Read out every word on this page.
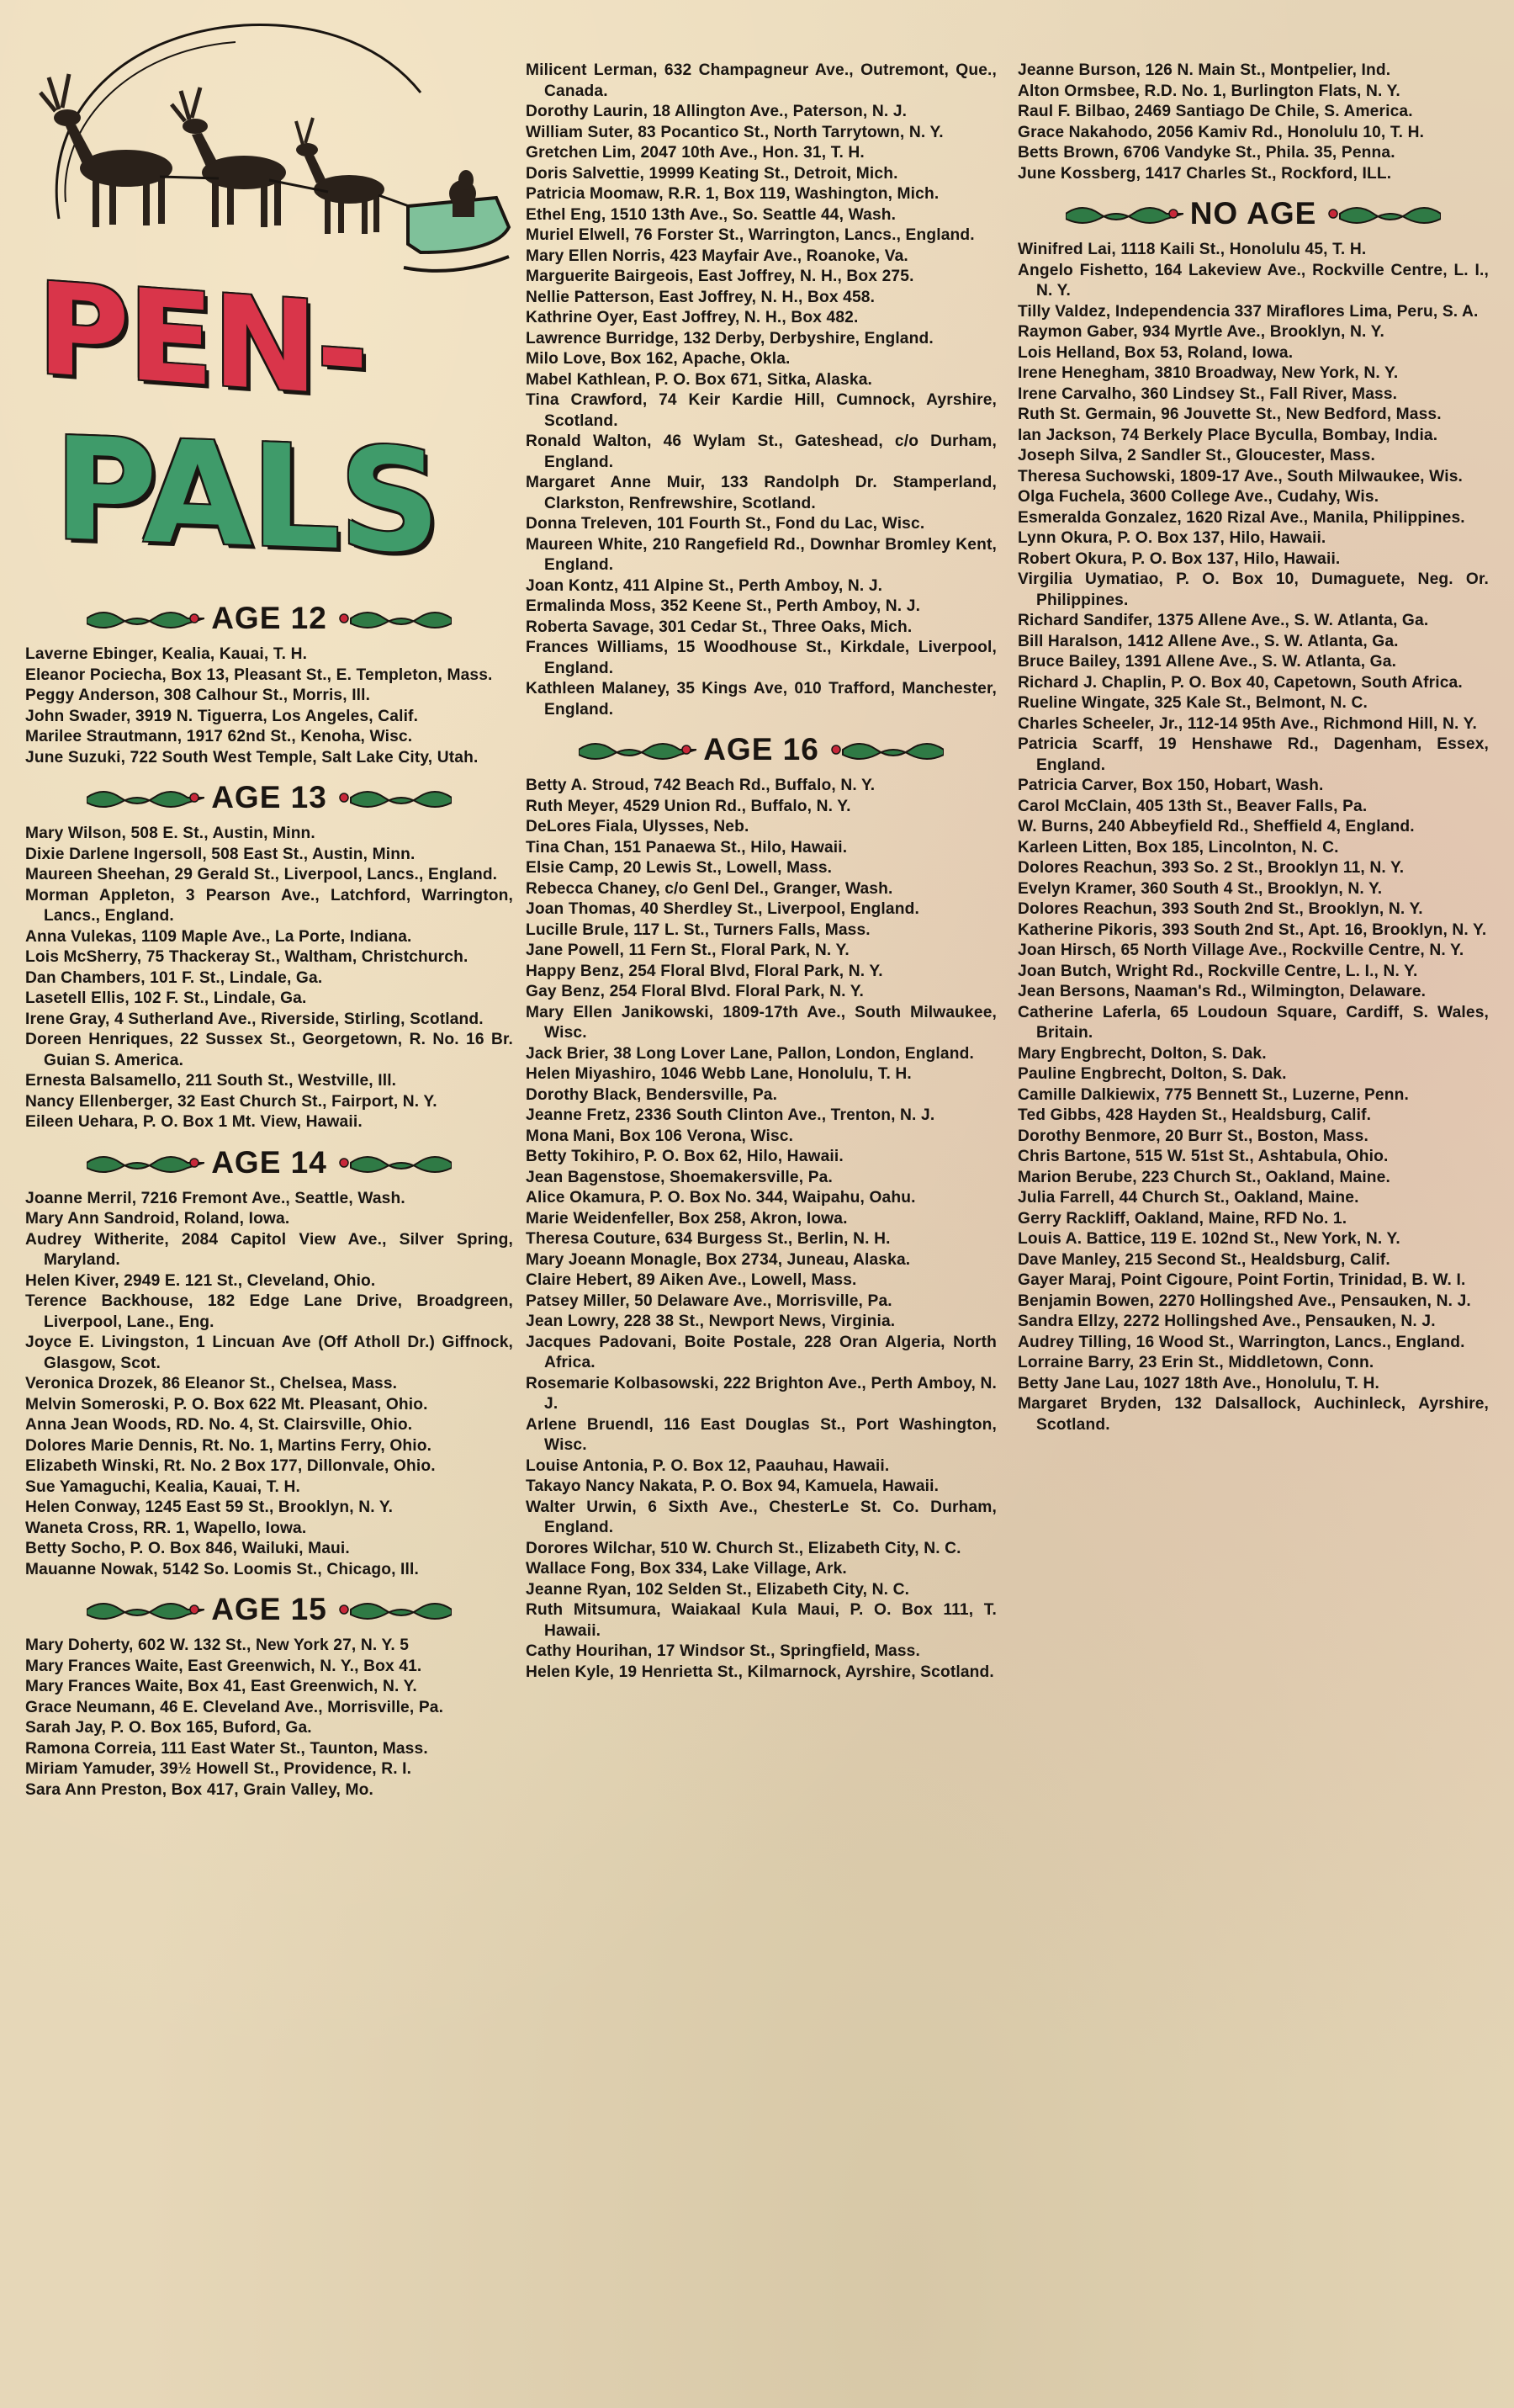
PEN-
PALS
AGE 12
Laverne Ebinger, Kealia, Kauai, T. H.
Eleanor Pociecha, Box 13, Pleasant St., E. Templeton, Mass.
Peggy Anderson, 308 Calhour St., Morris, Ill.
John Swader, 3919 N. Tiguerra, Los Angeles, Calif.
Marilee Strautmann, 1917 62nd St., Kenoha, Wisc.
June Suzuki, 722 South West Temple, Salt Lake City, Utah.
AGE 13
Mary Wilson, 508 E. St., Austin, Minn.
Dixie Darlene Ingersoll, 508 East St., Austin, Minn.
Maureen Sheehan, 29 Gerald St., Liverpool, Lancs., England.
Morman Appleton, 3 Pearson Ave., Latchford, Warrington, Lancs., England.
Anna Vulekas, 1109 Maple Ave., La Porte, Indiana.
Lois McSherry, 75 Thackeray St., Waltham, Christchurch.
Dan Chambers, 101 F. St., Lindale, Ga.
Lasetell Ellis, 102 F. St., Lindale, Ga.
Irene Gray, 4 Sutherland Ave., Riverside, Stirling, Scotland.
Doreen Henriques, 22 Sussex St., Georgetown, R. No. 16 Br. Guian S. America.
Ernesta Balsamello, 211 South St., Westville, Ill.
Nancy Ellenberger, 32 East Church St., Fairport, N. Y.
Eileen Uehara, P. O. Box 1 Mt. View, Hawaii.
AGE 14
Joanne Merril, 7216 Fremont Ave., Seattle, Wash.
Mary Ann Sandroid, Roland, Iowa.
Audrey Witherite, 2084 Capitol View Ave., Silver Spring, Maryland.
Helen Kiver, 2949 E. 121 St., Cleveland, Ohio.
Terence Backhouse, 182 Edge Lane Drive, Broadgreen, Liverpool, Lane., Eng.
Joyce E. Livingston, 1 Lincuan Ave (Off Atholl Dr.) Giffnock, Glasgow, Scot.
Veronica Drozek, 86 Eleanor St., Chelsea, Mass.
Melvin Someroski, P. O. Box 622 Mt. Pleasant, Ohio.
Anna Jean Woods, RD. No. 4, St. Clairsville, Ohio.
Dolores Marie Dennis, Rt. No. 1, Martins Ferry, Ohio.
Elizabeth Winski, Rt. No. 2 Box 177, Dillonvale, Ohio.
Sue Yamaguchi, Kealia, Kauai, T. H.
Helen Conway, 1245 East 59 St., Brooklyn, N. Y.
Waneta Cross, RR. 1, Wapello, Iowa.
Betty Socho, P. O. Box 846, Wailuki, Maui.
Mauanne Nowak, 5142 So. Loomis St., Chicago, Ill.
AGE 15
Mary Doherty, 602 W. 132 St., New York 27, N. Y. 5
Mary Frances Waite, East Greenwich, N. Y., Box 41.
Mary Frances Waite, Box 41, East Greenwich, N. Y.
Grace Neumann, 46 E. Cleveland Ave., Morrisville, Pa.
Sarah Jay, P. O. Box 165, Buford, Ga.
Ramona Correia, 111 East Water St., Taunton, Mass.
Miriam Yamuder, 39½ Howell St., Providence, R. I.
Sara Ann Preston, Box 417, Grain Valley, Mo.
Milicent Lerman, 632 Champagneur Ave., Outremont, Que., Canada.
Dorothy Laurin, 18 Allington Ave., Paterson, N. J.
William Suter, 83 Pocantico St., North Tarrytown, N. Y.
Gretchen Lim, 2047 10th Ave., Hon. 31, T. H.
Doris Salvettie, 19999 Keating St., Detroit, Mich.
Patricia Moomaw, R.R. 1, Box 119, Washington, Mich.
Ethel Eng, 1510 13th Ave., So. Seattle 44, Wash.
Muriel Elwell, 76 Forster St., Warrington, Lancs., England.
Mary Ellen Norris, 423 Mayfair Ave., Roanoke, Va.
Marguerite Bairgeois, East Joffrey, N. H., Box 275.
Nellie Patterson, East Joffrey, N. H., Box 458.
Kathrine Oyer, East Joffrey, N. H., Box 482.
Lawrence Burridge, 132 Derby, Derbyshire, England.
Milo Love, Box 162, Apache, Okla.
Mabel Kathlean, P. O. Box 671, Sitka, Alaska.
Tina Crawford, 74 Keir Kardie Hill, Cumnock, Ayrshire, Scotland.
Ronald Walton, 46 Wylam St., Gateshead, c/o Durham, England.
Margaret Anne Muir, 133 Randolph Dr. Stamperland, Clarkston, Renfrewshire, Scotland.
Donna Treleven, 101 Fourth St., Fond du Lac, Wisc.
Maureen White, 210 Rangefield Rd., Downhar Bromley Kent, England.
Joan Kontz, 411 Alpine St., Perth Amboy, N. J.
Ermalinda Moss, 352 Keene St., Perth Amboy, N. J.
Roberta Savage, 301 Cedar St., Three Oaks, Mich.
Frances Williams, 15 Woodhouse St., Kirkdale, Liverpool, England.
Kathleen Malaney, 35 Kings Ave, 010 Trafford, Manchester, England.
AGE 16
Betty A. Stroud, 742 Beach Rd., Buffalo, N. Y.
Ruth Meyer, 4529 Union Rd., Buffalo, N. Y.
DeLores Fiala, Ulysses, Neb.
Tina Chan, 151 Panaewa St., Hilo, Hawaii.
Elsie Camp, 20 Lewis St., Lowell, Mass.
Rebecca Chaney, c/o Genl Del., Granger, Wash.
Joan Thomas, 40 Sherdley St., Liverpool, England.
Lucille Brule, 117 L. St., Turners Falls, Mass.
Jane Powell, 11 Fern St., Floral Park, N. Y.
Happy Benz, 254 Floral Blvd, Floral Park, N. Y.
Gay Benz, 254 Floral Blvd. Floral Park, N. Y.
Mary Ellen Janikowski, 1809-17th Ave., South Milwaukee, Wisc.
Jack Brier, 38 Long Lover Lane, Pallon, London, England.
Helen Miyashiro, 1046 Webb Lane, Honolulu, T. H.
Dorothy Black, Bendersville, Pa.
Jeanne Fretz, 2336 South Clinton Ave., Trenton, N. J.
Mona Mani, Box 106 Verona, Wisc.
Betty Tokihiro, P. O. Box 62, Hilo, Hawaii.
Jean Bagenstose, Shoemakersville, Pa.
Alice Okamura, P. O. Box No. 344, Waipahu, Oahu.
Marie Weidenfeller, Box 258, Akron, Iowa.
Theresa Couture, 634 Burgess St., Berlin, N. H.
Mary Joeann Monagle, Box 2734, Juneau, Alaska.
Claire Hebert, 89 Aiken Ave., Lowell, Mass.
Patsey Miller, 50 Delaware Ave., Morrisville, Pa.
Jean Lowry, 228 38 St., Newport News, Virginia.
Jacques Padovani, Boite Postale, 228 Oran Algeria, North Africa.
Rosemarie Kolbasowski, 222 Brighton Ave., Perth Amboy, N. J.
Arlene Bruendl, 116 East Douglas St., Port Washington, Wisc.
Louise Antonia, P. O. Box 12, Paauhau, Hawaii.
Takayo Nancy Nakata, P. O. Box 94, Kamuela, Hawaii.
Walter Urwin, 6 Sixth Ave., ChesterLe St. Co. Durham, England.
Dorores Wilchar, 510 W. Church St., Elizabeth City, N. C.
Wallace Fong, Box 334, Lake Village, Ark.
Jeanne Ryan, 102 Selden St., Elizabeth City, N. C.
Ruth Mitsumura, Waiakaal Kula Maui, P. O. Box 111, T. Hawaii.
Cathy Hourihan, 17 Windsor St., Springfield, Mass.
Helen Kyle, 19 Henrietta St., Kilmarnock, Ayrshire, Scotland.
Jeanne Burson, 126 N. Main St., Montpelier, Ind.
Alton Ormsbee, R.D. No. 1, Burlington Flats, N. Y.
Raul F. Bilbao, 2469 Santiago De Chile, S. America.
Grace Nakahodo, 2056 Kamiv Rd., Honolulu 10, T. H.
Betts Brown, 6706 Vandyke St., Phila. 35, Penna.
June Kossberg, 1417 Charles St., Rockford, ILL.
NO AGE
Winifred Lai, 1118 Kaili St., Honolulu 45, T. H.
Angelo Fishetto, 164 Lakeview Ave., Rockville Centre, L. I., N. Y.
Tilly Valdez, Independencia 337 Miraflores Lima, Peru, S. A.
Raymon Gaber, 934 Myrtle Ave., Brooklyn, N. Y.
Lois Helland, Box 53, Roland, Iowa.
Irene Henegham, 3810 Broadway, New York, N. Y.
Irene Carvalho, 360 Lindsey St., Fall River, Mass.
Ruth St. Germain, 96 Jouvette St., New Bedford, Mass.
Ian Jackson, 74 Berkely Place Byculla, Bombay, India.
Joseph Silva, 2 Sandler St., Gloucester, Mass.
Theresa Suchowski, 1809-17 Ave., South Milwaukee, Wis.
Olga Fuchela, 3600 College Ave., Cudahy, Wis.
Esmeralda Gonzalez, 1620 Rizal Ave., Manila, Philippines.
Lynn Okura, P. O. Box 137, Hilo, Hawaii.
Robert Okura, P. O. Box 137, Hilo, Hawaii.
Virgilia Uymatiao, P. O. Box 10, Dumaguete, Neg. Or. Philippines.
Richard Sandifer, 1375 Allene Ave., S. W. Atlanta, Ga.
Bill Haralson, 1412 Allene Ave., S. W. Atlanta, Ga.
Bruce Bailey, 1391 Allene Ave., S. W. Atlanta, Ga.
Richard J. Chaplin, P. O. Box 40, Capetown, South Africa.
Rueline Wingate, 325 Kale St., Belmont, N. C.
Charles Scheeler, Jr., 112-14 95th Ave., Richmond Hill, N. Y.
Patricia Scarff, 19 Henshawe Rd., Dagenham, Essex, England.
Patricia Carver, Box 150, Hobart, Wash.
Carol McClain, 405 13th St., Beaver Falls, Pa.
W. Burns, 240 Abbeyfield Rd., Sheffield 4, England.
Karleen Litten, Box 185, Lincolnton, N. C.
Dolores Reachun, 393 So. 2 St., Brooklyn 11, N. Y.
Evelyn Kramer, 360 South 4 St., Brooklyn, N. Y.
Dolores Reachun, 393 South 2nd St., Brooklyn, N. Y.
Katherine Pikoris, 393 South 2nd St., Apt. 16, Brooklyn, N. Y.
Joan Hirsch, 65 North Village Ave., Rockville Centre, N. Y.
Joan Butch, Wright Rd., Rockville Centre, L. I., N. Y.
Jean Bersons, Naaman's Rd., Wilmington, Delaware.
Catherine Laferla, 65 Loudoun Square, Cardiff, S. Wales, Britain.
Mary Engbrecht, Dolton, S. Dak.
Pauline Engbrecht, Dolton, S. Dak.
Camille Dalkiewix, 775 Bennett St., Luzerne, Penn.
Ted Gibbs, 428 Hayden St., Healdsburg, Calif.
Dorothy Benmore, 20 Burr St., Boston, Mass.
Chris Bartone, 515 W. 51st St., Ashtabula, Ohio.
Marion Berube, 223 Church St., Oakland, Maine.
Julia Farrell, 44 Church St., Oakland, Maine.
Gerry Rackliff, Oakland, Maine, RFD No. 1.
Louis A. Battice, 119 E. 102nd St., New York, N. Y.
Dave Manley, 215 Second St., Healdsburg, Calif.
Gayer Maraj, Point Cigoure, Point Fortin, Trinidad, B. W. I.
Benjamin Bowen, 2270 Hollingshed Ave., Pensauken, N. J.
Sandra Ellzy, 2272 Hollingshed Ave., Pensauken, N. J.
Audrey Tilling, 16 Wood St., Warrington, Lancs., England.
Lorraine Barry, 23 Erin St., Middletown, Conn.
Betty Jane Lau, 1027 18th Ave., Honolulu, T. H.
Margaret Bryden, 132 Dalsallock, Auchinleck, Ayrshire, Scotland.
